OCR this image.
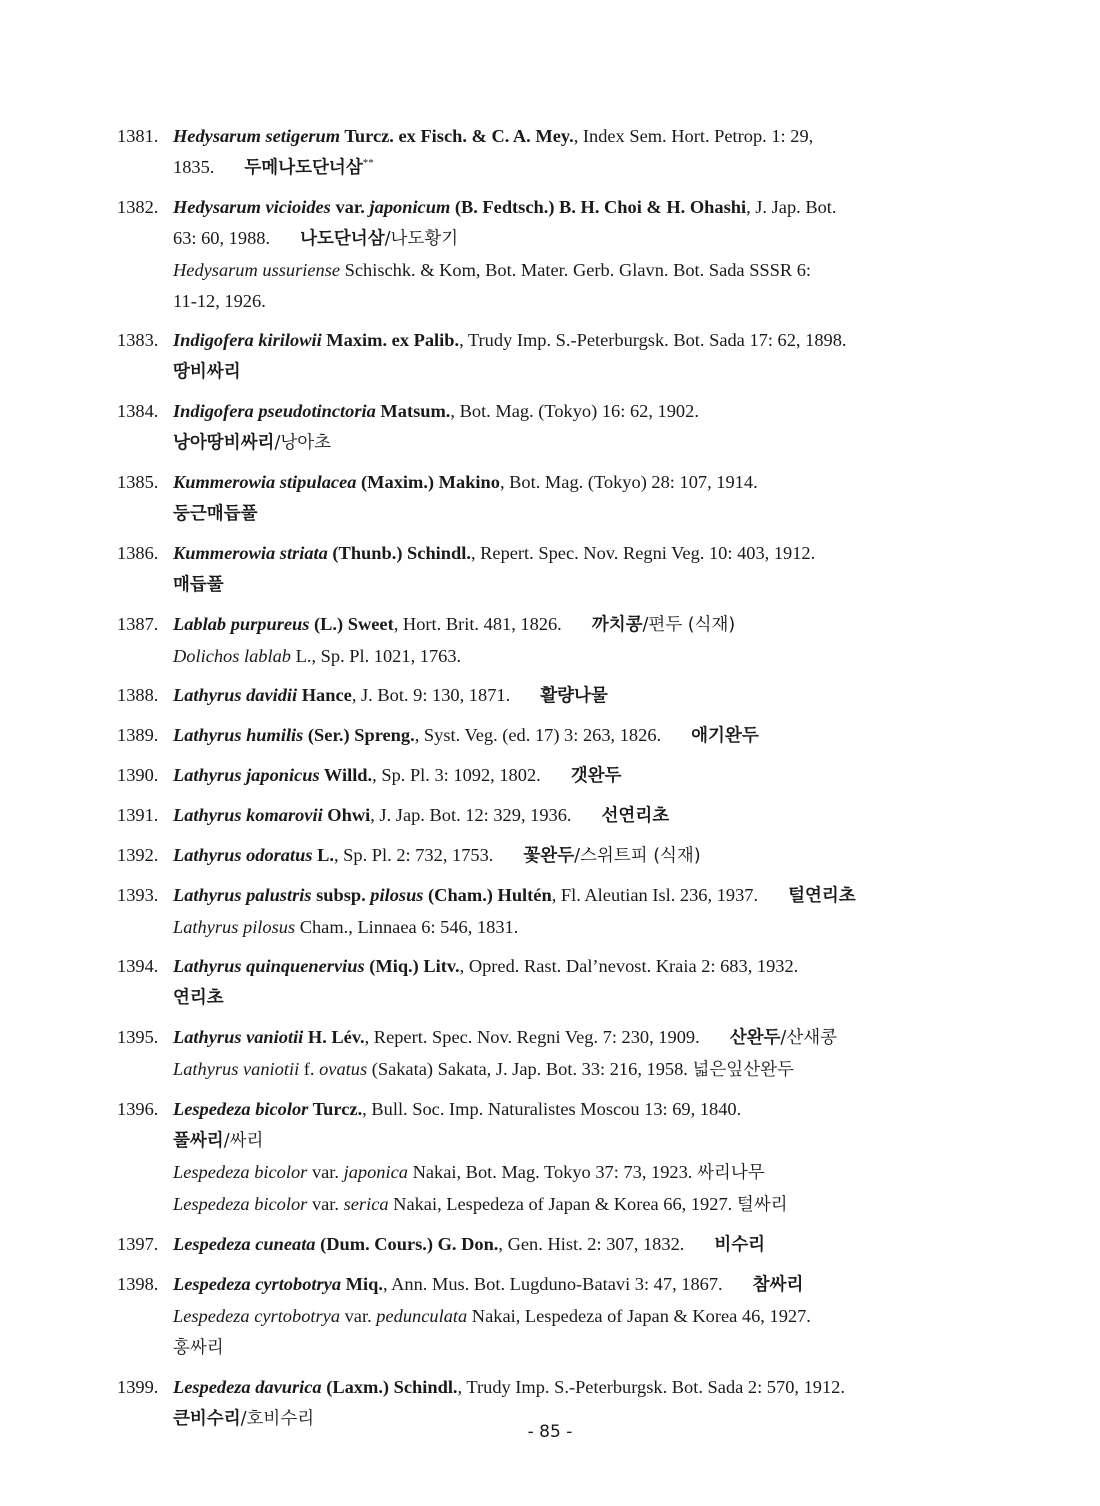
1381. Hedysarum setigerum Turcz. ex Fisch. & C. A. Mey., Index Sem. Hort. Petrop. 1: 29,
1835. 두메나도단너삼**
1382. Hedysarum vicioides var. japonicum (B. Fedtsch.) B. H. Choi & H. Ohashi, J. Jap. Bot.
63: 60, 1988. 나도단너삼/나도황기
Hedysarum ussuriense Schischk. & Kom, Bot. Mater. Gerb. Glavn. Bot. Sada SSSR 6:
11-12, 1926.
1383. Indigofera kirilowii Maxim. ex Palib., Trudy Imp. S.-Peterburgsk. Bot. Sada 17: 62, 1898.
땅비싸리
1384. Indigofera pseudotinctoria Matsum., Bot. Mag. (Tokyo) 16: 62, 1902.
낭아땅비싸리/낭아초
1385. Kummerowia stipulacea (Maxim.) Makino, Bot. Mag. (Tokyo) 28: 107, 1914.
둥근매듭풀
1386. Kummerowia striata (Thunb.) Schindl., Repert. Spec. Nov. Regni Veg. 10: 403, 1912.
매듭풀
1387. Lablab purpureus (L.) Sweet, Hort. Brit. 481, 1826. 까치콩/편두 (식재)
Dolichos lablab L., Sp. Pl. 1021, 1763.
1388. Lathyrus davidii Hance, J. Bot. 9: 130, 1871. 활량나물
1389. Lathyrus humilis (Ser.) Spreng., Syst. Veg. (ed. 17) 3: 263, 1826. 애기완두
1390. Lathyrus japonicus Willd., Sp. Pl. 3: 1092, 1802. 갯완두
1391. Lathyrus komarovii Ohwi, J. Jap. Bot. 12: 329, 1936. 선연리초
1392. Lathyrus odoratus L., Sp. Pl. 2: 732, 1753. 꽃완두/스위트피 (식재)
1393. Lathyrus palustris subsp. pilosus (Cham.) Hultén, Fl. Aleutian Isl. 236, 1937. 털연리초
Lathyrus pilosus Cham., Linnaea 6: 546, 1831.
1394. Lathyrus quinquenervius (Miq.) Litv., Opred. Rast. Dal’nevost. Kraia 2: 683, 1932.
연리초
1395. Lathyrus vaniotii H. Lév., Repert. Spec. Nov. Regni Veg. 7: 230, 1909. 산완두/산새콩
Lathyrus vaniotii f. ovatus (Sakata) Sakata, J. Jap. Bot. 33: 216, 1958. 넓은잎산완두
1396. Lespedeza bicolor Turcz., Bull. Soc. Imp. Naturalistes Moscou 13: 69, 1840.
풀싸리/싸리
Lespedeza bicolor var. japonica Nakai, Bot. Mag. Tokyo 37: 73, 1923. 싸리나무
Lespedeza bicolor var. serica Nakai, Lespedeza of Japan & Korea 66, 1927. 털싸리
1397. Lespedeza cuneata (Dum. Cours.) G. Don., Gen. Hist. 2: 307, 1832. 비수리
1398. Lespedeza cyrtobotrya Miq., Ann. Mus. Bot. Lugduno-Batavi 3: 47, 1867. 참싸리
Lespedeza cyrtobotrya var. pedunculata Nakai, Lespedeza of Japan & Korea 46, 1927.
홍싸리
1399. Lespedeza davurica (Laxm.) Schindl., Trudy Imp. S.-Peterburgsk. Bot. Sada 2: 570, 1912.
큰비수리/호비수리
- 85 -
